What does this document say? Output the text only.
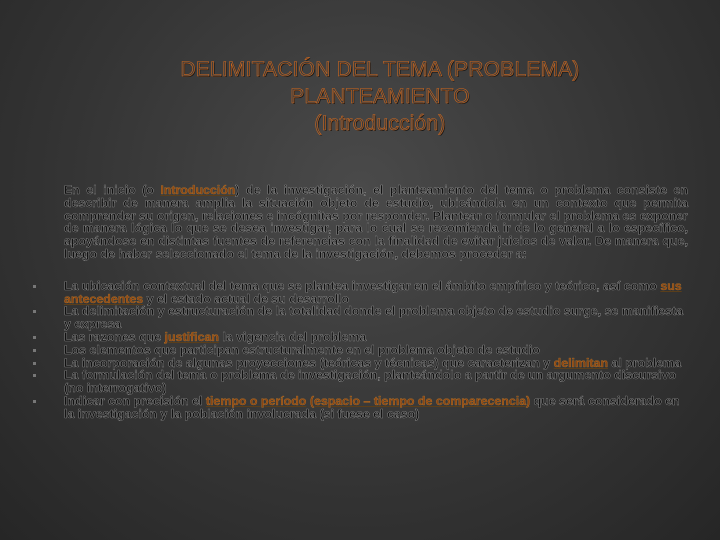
DELIMITACIÓN DEL TEMA (PROBLEMA)
PLANTEAMIENTO
(Introducción)

En el inicio (o Introducción) de la investigación, el planteamiento del tema o problema consiste en describir de manera amplia la situación objeto de estudio, ubicándola en un contexto que permita comprender su origen, relaciones e incógnitas por responder. Plantear o formular el problema es exponer de manera lógica lo que se desea investigar, para lo cual se recomienda ir de lo general a lo específico, apoyándose en distintas fuentes de referencias con la finalidad de evitar juicios de valor. De manera que, luego de haber seleccionado el tema de la investigación, debemos proceder a:

La ubicación contextual del tema que se plantea investigar en el ámbito empírico y teórico, así como sus antecedentes y el estado actual de su desarrollo
La delimitación y estructuración de la totalidad donde el problema objeto de estudio surge, se manifiesta y expresa
Las razones que justifican la vigencia del problema
Los elementos que participan estructuralmente en el problema objeto de estudio
La incorporación de algunas proyecciones (teóricas y técnicas) que caracterizan y delimitan al problema
La formulación del tema o problema de investigación, planteándolo a partir de un argumento discursivo (no interrogativo)
Indicar con precisión el tiempo o período (espacio – tiempo de comparecencia) que será considerado en la investigación y la población involucrada (si fuese el caso)
